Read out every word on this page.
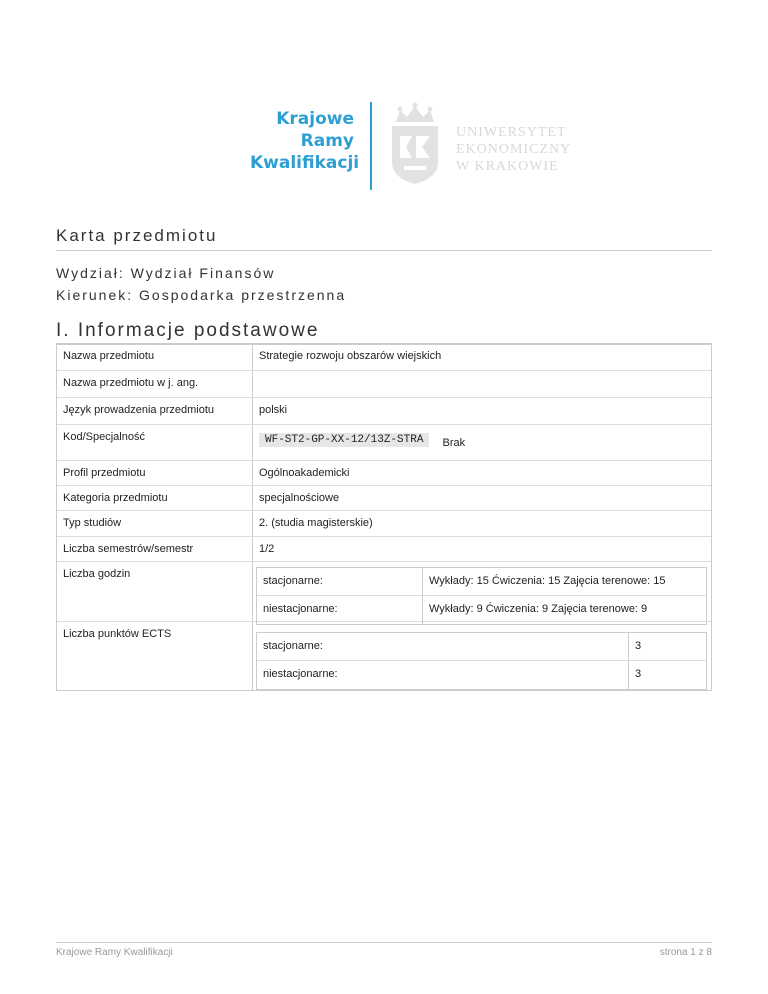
Krajowe
Ramy
Kwalifikacji
UNIWERSYTET
EKONOMICZNY
W KRAKOWIE
Karta przedmiotu
Wydział: Wydział Finansów
Kierunek: Gospodarka przestrzenna
I. Informacje podstawowe
Nazwa przedmiotu	Strategie rozwoju obszarów wiejskich
Nazwa przedmiotu w j. ang.
Język prowadzenia przedmiotu	polski
Kod/Specjalność	WF-ST2-GP-XX-12/13Z-STRA Brak
Profil przedmiotu	Ogólnoakademicki
Kategoria przedmiotu	specjalnościowe
Typ studiów	2. (studia magisterskie)
Liczba semestrów/semestr	1/2
Liczba godzin
stacjonarne:	Wykłady: 15 Ćwiczenia: 15 Zajęcia terenowe: 15
niestacjonarne:	Wykłady: 9 Ćwiczenia: 9 Zajęcia terenowe: 9
Liczba punktów ECTS
stacjonarne:	3
niestacjonarne:	3
Krajowe Ramy Kwalifikacji	strona 1 z 8
